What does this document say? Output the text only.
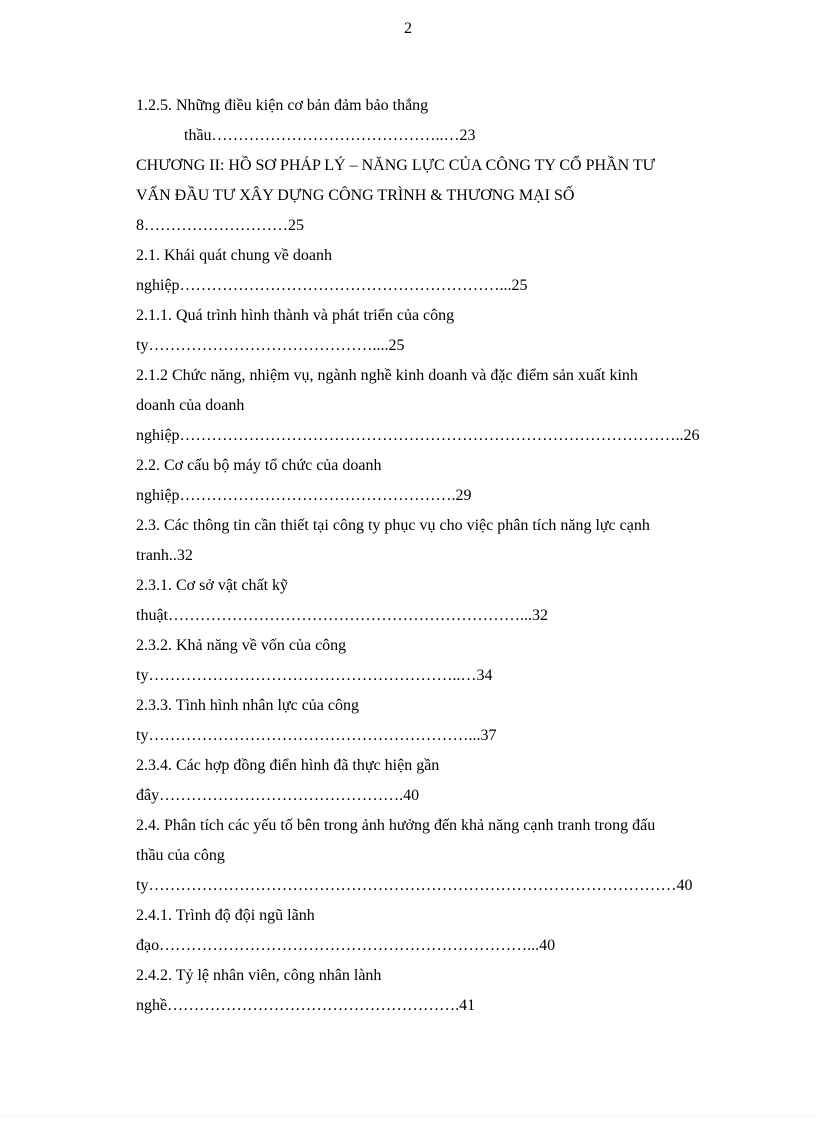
2
1.2.5. Những điều kiện cơ bản đảm bảo thắng
thầu……………………………………..…23
CHƯƠNG II: HỒ SƠ PHÁP LÝ – NĂNG LỰC CỦA CÔNG TY CỔ PHẦN TƯ
VẤN ĐẦU TƯ XÂY DỰNG CÔNG TRÌNH & THƯƠNG MẠI SỐ
8………………………25
2.1. Khái quát chung về doanh
nghiệp……………………………………………………...25
2.1.1. Quá trình hình thành và phát triển của công
ty……………………………………....25
2.1.2 Chức năng, nhiệm vụ, ngành nghề kinh doanh và đặc điểm sản xuất kinh
doanh của doanh
nghiệp…………………………………………………………………………………..26
2.2. Cơ cấu bộ máy tổ chức của doanh
nghiệp…………………………………………….29
2.3. Các thông tin cần thiết tại công ty phục vụ cho việc phân tích năng lực cạnh
tranh..32
2.3.1. Cơ sở vật chất kỹ
thuật…………………………………………………………...32
2.3.2. Khả năng về vốn của công
ty…………………………………………………..…34
2.3.3. Tình hình nhân lực của công
ty……………………………………………………...37
2.3.4. Các hợp đồng điển hình đã thực hiện gần
đây……………………………………….40
2.4. Phân tích các yếu tố bên trong ảnh hưởng đến khả năng cạnh tranh trong đấu
thầu của công
ty………………………………………………………………………………………40
2.4.1. Trình độ đội ngũ lãnh
đạo……………………………………………………………...40
2.4.2. Tỷ lệ nhân viên, công nhân lành
nghề……………………………………………….41
